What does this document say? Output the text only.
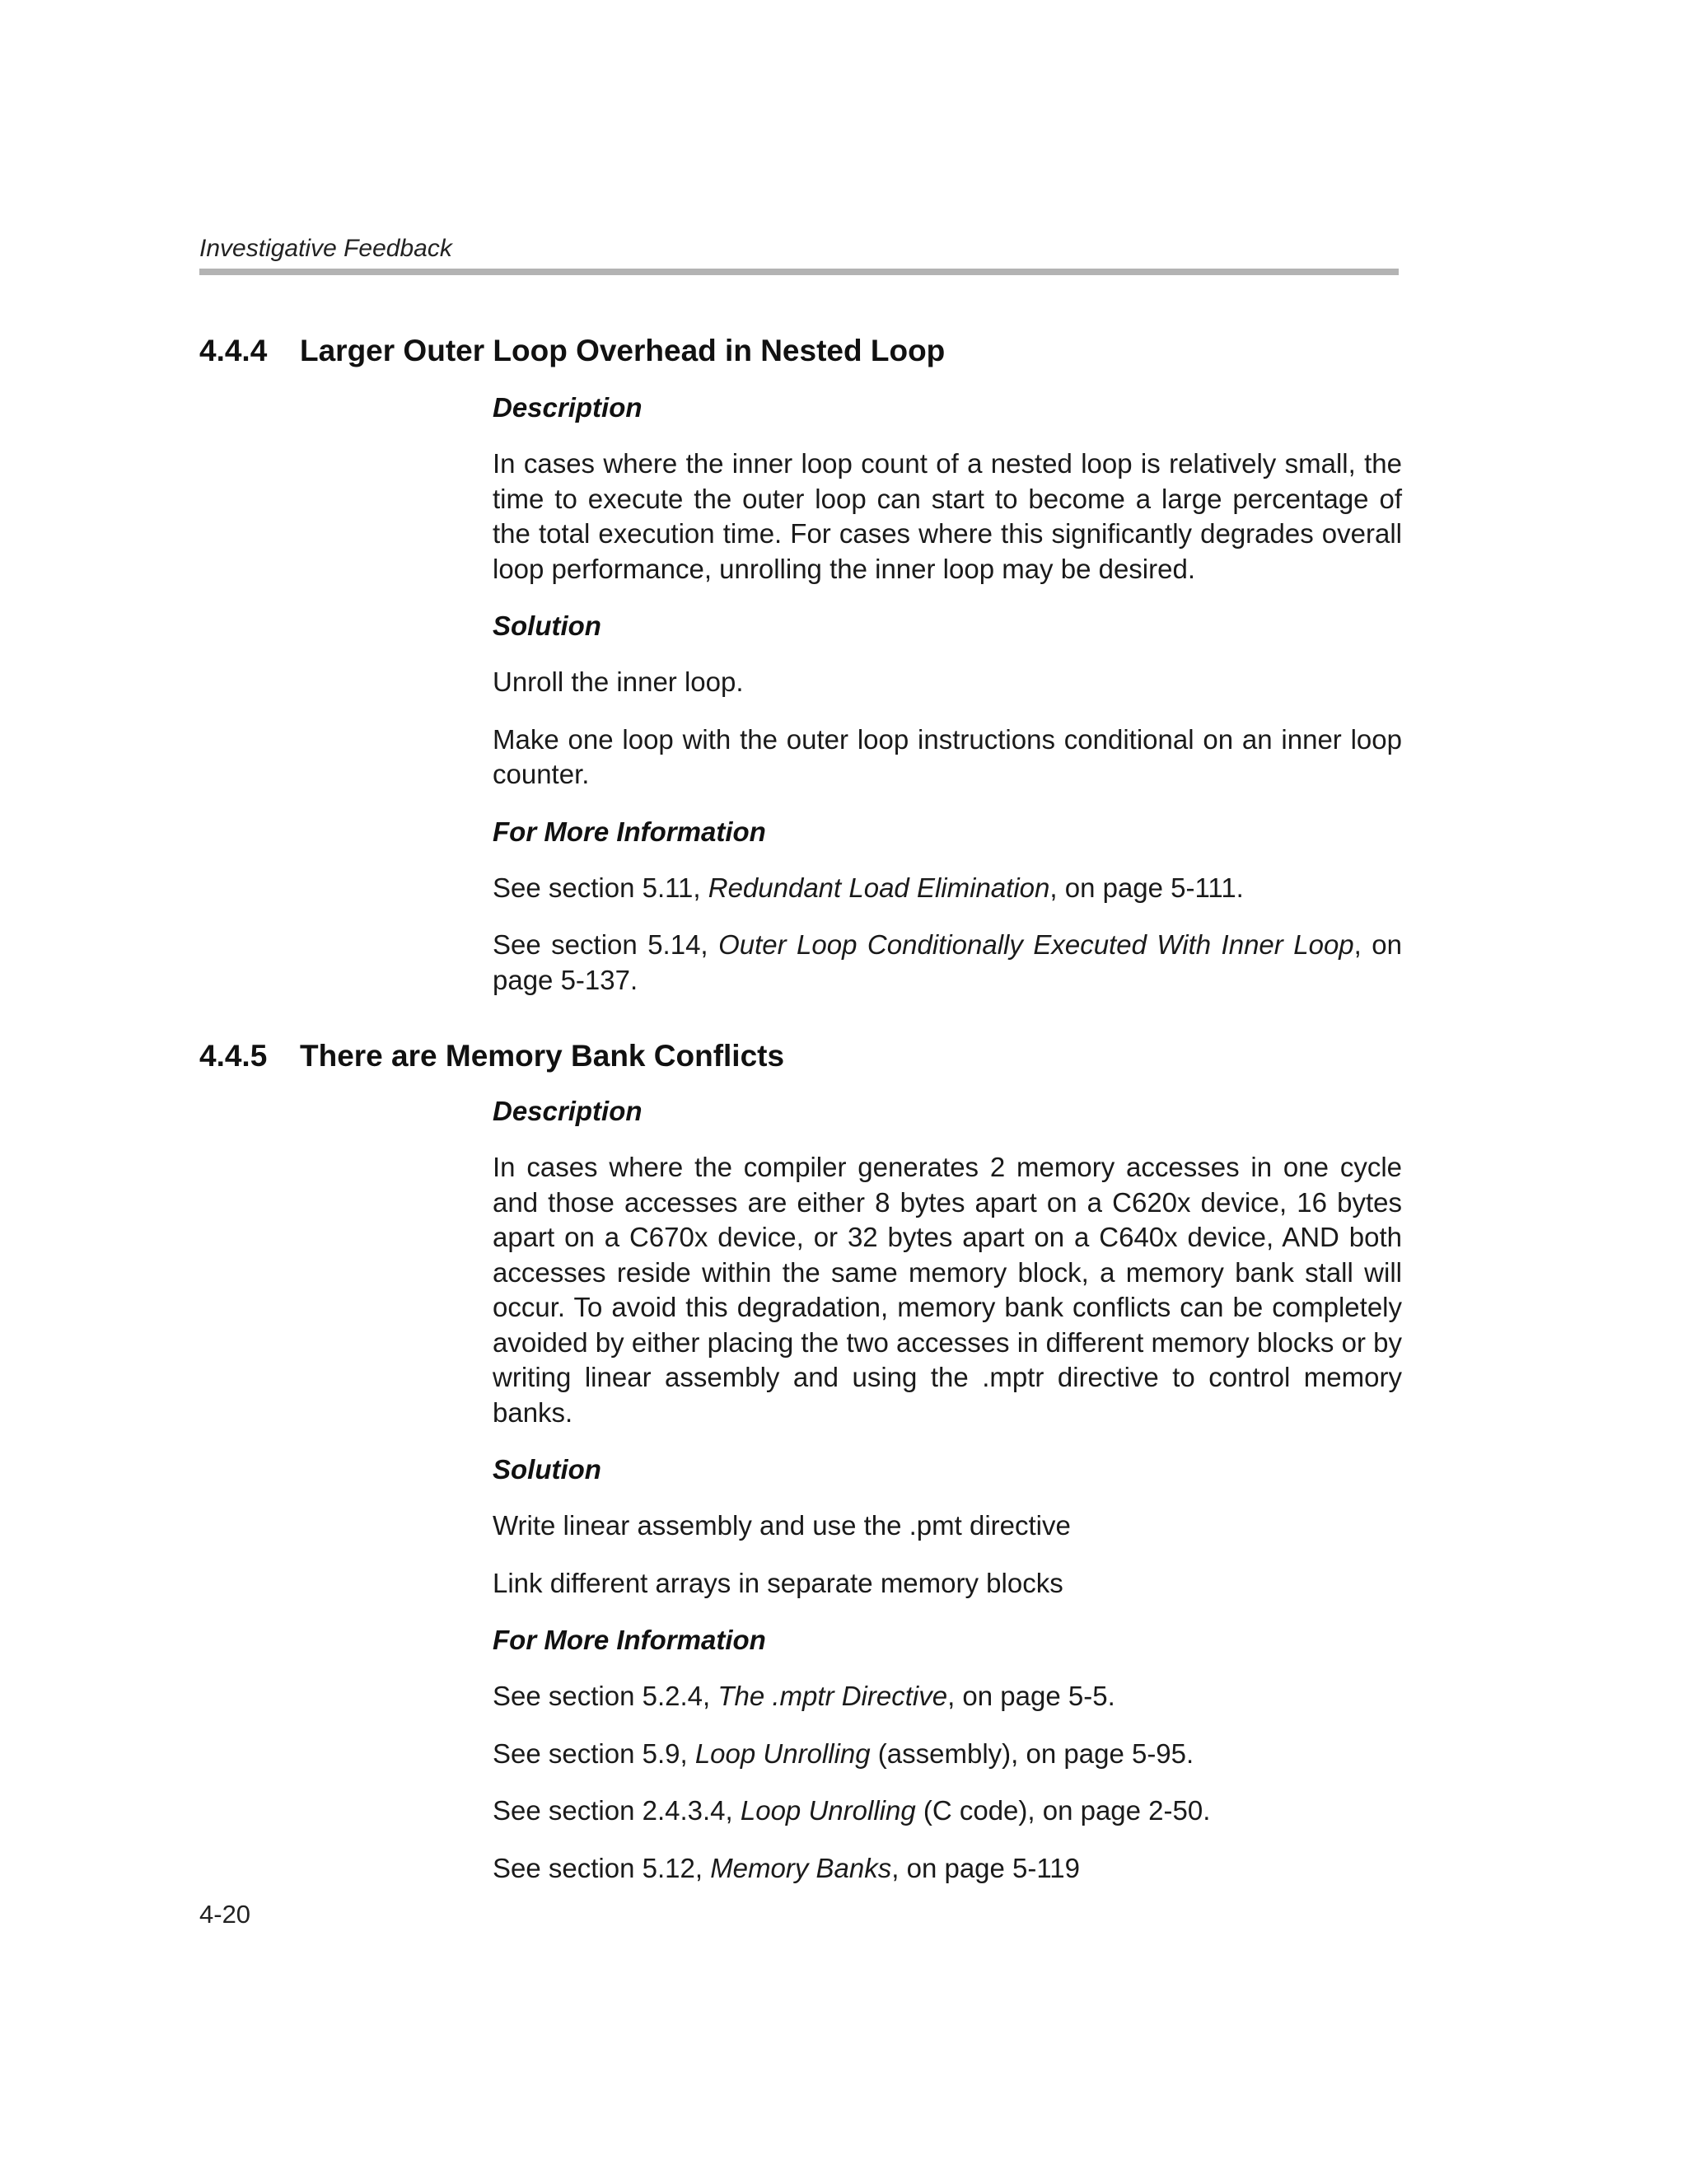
Investigative Feedback
4.4.4 Larger Outer Loop Overhead in Nested Loop

Description

In cases where the inner loop count of a nested loop is relatively small, the time to execute the outer loop can start to become a large percentage of the total execution time. For cases where this significantly degrades overall loop performance, unrolling the inner loop may be desired.

Solution

Unroll the inner loop.

Make one loop with the outer loop instructions conditional on an inner loop counter.

For More Information

See section 5.11, Redundant Load Elimination, on page 5-111.

See section 5.14, Outer Loop Conditionally Executed With Inner Loop, on page 5-137.

4.4.5 There are Memory Bank Conflicts

Description

In cases where the compiler generates 2 memory accesses in one cycle and those accesses are either 8 bytes apart on a C620x device, 16 bytes apart on a C670x device, or 32 bytes apart on a C640x device, AND both accesses reside within the same memory block, a memory bank stall will occur. To avoid this degradation, memory bank conflicts can be completely avoided by either placing the two accesses in different memory blocks or by writing linear assembly and using the .mptr directive to control memory banks.

Solution

Write linear assembly and use the .pmt directive

Link different arrays in separate memory blocks

For More Information

See section 5.2.4, The .mptr Directive, on page 5-5.

See section 5.9, Loop Unrolling (assembly), on page 5-95.

See section 2.4.3.4, Loop Unrolling (C code), on page 2-50.

See section 5.12, Memory Banks, on page 5-119

4-20
